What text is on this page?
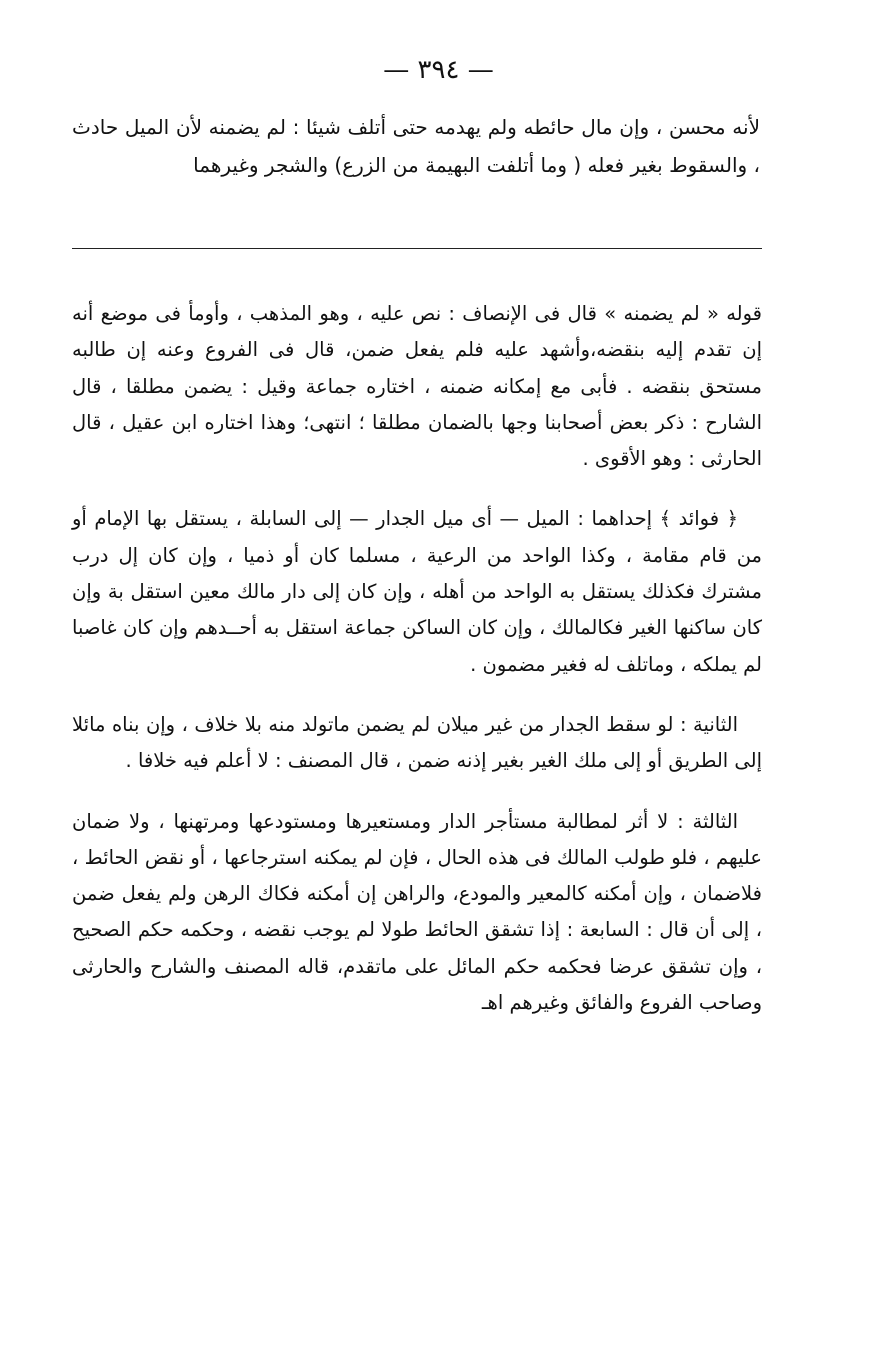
— ٣٩٤ —
لأنه محسن ، وإن مال حائطه ولم يهدمه حتى أتلف شيئا : لم يضمنه لأن الميل حادث ، والسقوط بغير فعله ( وما أتلفت البهيمة من الزرع) والشجر وغيرهما

قوله « لم يضمنه » قال فى الإنصاف : نص عليه ، وهو المذهب ، وأومأ فى موضع أنه إن تقدم إليه بنقضه،وأشهد عليه فلم يفعل ضمن، قال فى الفروع وعنه إن طالبه مستحق بنقضه . فأبى مع إمكانه ضمنه ، اختاره جماعة وقيل : يضمن مطلقا ، قال الشارح : ذكر بعض أصحابنا وجها بالضمان مطلقا ؛ انتهى؛ وهذا اختاره ابن عقيل ، قال الحارثى : وهو الأقوى .

﴿ فوائد ﴾ إحداهما : الميل — أى ميل الجدار — إلى السابلة ، يستقل بها الإمام أو من قام مقامة ، وكذا الواحد من الرعية ، مسلما كان أو ذميا ، وإن كان إل درب مشترك فكذلك يستقل به الواحد من أهله ، وإن كان إلى دار مالك معين استقل بة وإن كان ساكنها الغير فكالمالك ، وإن كان الساكن جماعة استقل به أحــدهم وإن كان غاصبا لم يملكه ، وماتلف له فغير مضمون .

الثانية : لو سقط الجدار من غير ميلان لم يضمن ماتولد منه بلا خلاف ، وإن بناه مائلا إلى الطريق أو إلى ملك الغير بغير إذنه ضمن ، قال المصنف : لا أعلم فيه خلافا .

الثالثة : لا أثر لمطالبة مستأجر الدار ومستعيرها ومستودعها ومرتهنها ، ولا ضمان عليهم ، فلو طولب المالك فى هذه الحال ، فإن لم يمكنه استرجاعها ، أو نقض الحائط ، فلاضمان ، وإن أمكنه كالمعير والمودع، والراهن إن أمكنه فكاك الرهن ولم يفعل ضمن ، إلى أن قال : السابعة : إذا تشقق الحائط طولا لم يوجب نقضه ، وحكمه حكم الصحيح ، وإن تشقق عرضا فحكمه حكم المائل على ماتقدم، قاله المصنف والشارح والحارثى وصاحب الفروع والفائق وغيرهم اهـ
